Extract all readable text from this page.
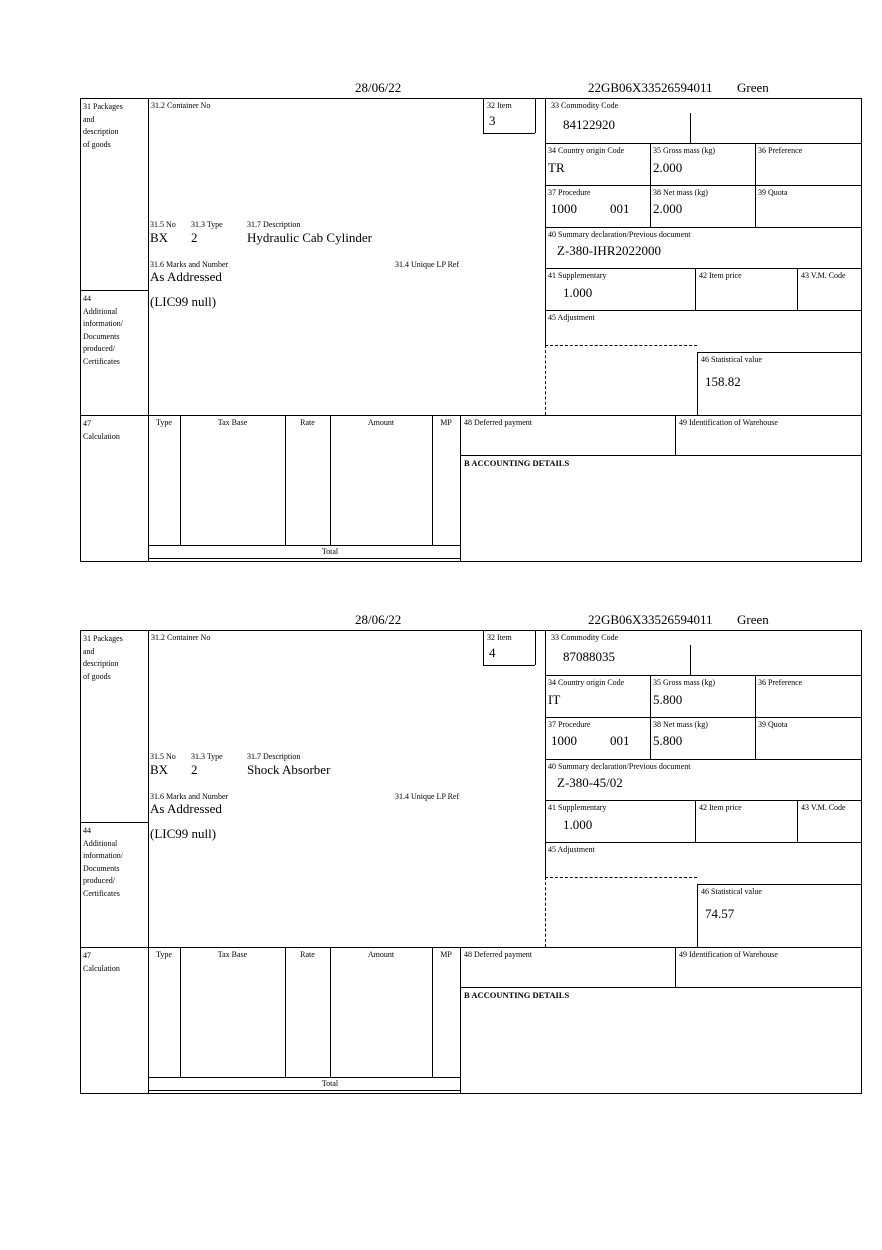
28/06/22	22GB06X33526594011 Green
31 Packages
and
description
of goods
44
Additional
information/
Documents
produced/
Certificates
47
Calculation
31.2 Container No	32 Item
3
31.5 No 31.3 Type	31.7 Description
BX 2	Hydraulic Cab Cylinder
31.6 Marks and Number	31.4 Unique LP Ref
As Addressed
(LIC99 null)
33 Commodity Code
84122920
34 Country origin Code
TR
35 Gross mass (kg)
2.000
36 Preference
37 Procedure
1000	001
38 Net mass (kg)
2.000
39 Quota
40 Summary declaration/Previous document
Z-380-IHR2022000
41 Supplementary
1.000
42 Item price	43 V.M. Code
45 Adjustment
46 Statistical value
158.82
Type	Tax Base	Rate	Amount	MP
Total
48 Deferred payment	49 Identification of Warehouse
B ACCOUNTING DETAILS
28/06/22	22GB06X33526594011 Green
31 Packages
and
description
of goods
44
Additional
information/
Documents
produced/
Certificates
47
Calculation
31.2 Container No	32 Item
4
31.5 No 31.3 Type	31.7 Description
BX 2	Shock Absorber
31.6 Marks and Number	31.4 Unique LP Ref
As Addressed
(LIC99 null)
33 Commodity Code
87088035
34 Country origin Code
IT
35 Gross mass (kg)
5.800
36 Preference
37 Procedure
1000	001
38 Net mass (kg)
5.800
39 Quota
40 Summary declaration/Previous document
Z-380-45/02
41 Supplementary
1.000
42 Item price	43 V.M. Code
45 Adjustment
46 Statistical value
74.57
Type	Tax Base	Rate	Amount	MP
Total
48 Deferred payment	49 Identification of Warehouse
B ACCOUNTING DETAILS
